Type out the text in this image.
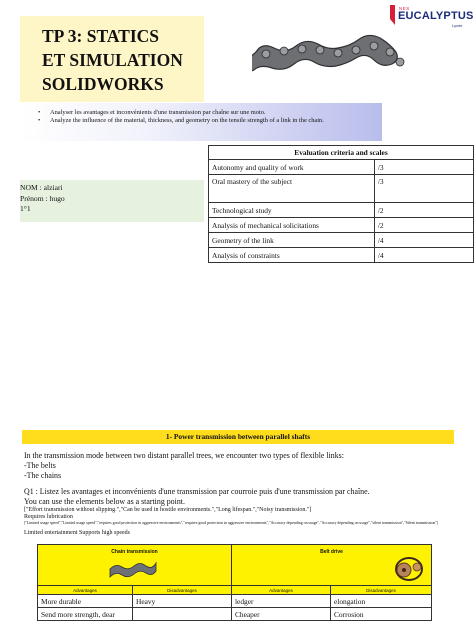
TP 3: STATICS
ET SIMULATION
SOLIDWORKS
NES
EUCALYPTUS
Lycée
• Analyser les avantages et inconvénients d'une transmission par chaîne sur une moto.
• Analyze the influence of the material, thickness, and geometry on the tensile strength of a link in the chain.
Evaluation criteria and scales	
Autonomy and quality of work	/3
Oral mastery of the subject	/3
Technological study	/2
Analysis of mechanical solicitations	/2
Geometry of the link	/4
Analysis of constraints	/4
NOM : alziari
Prénom : hugo
1°1
1- Power transmission between parallel shafts
In the transmission mode between two distant parallel trees, we encounter two types of flexible links:
-The belts
-The chains
Q1 : Listez les avantages et inconvénients d'une transmission par courroie puis d'une transmission par chaîne.
You can use the elements below as a starting point.
["Effort transmission without slipping.","Can be used in hostile environments.","Long lifespan.","Noisy transmission."]
Requires lubrication
["Limited usage speed","Limited usage speed","requires good protection in aggressive environments","requires good protection in aggressive environments","Accuracy depending on usage","Accuracy depending on usage","silent transmission","Silent transmission"]
Limited entertainment Supports high speeds
Chain transmission		Belt drive	

Advantages	Disadvantages	Advantages	Disadvantages
More durable	Heavy	ledger	elongation
Send more strength, dear		Cheaper	Corrosion
